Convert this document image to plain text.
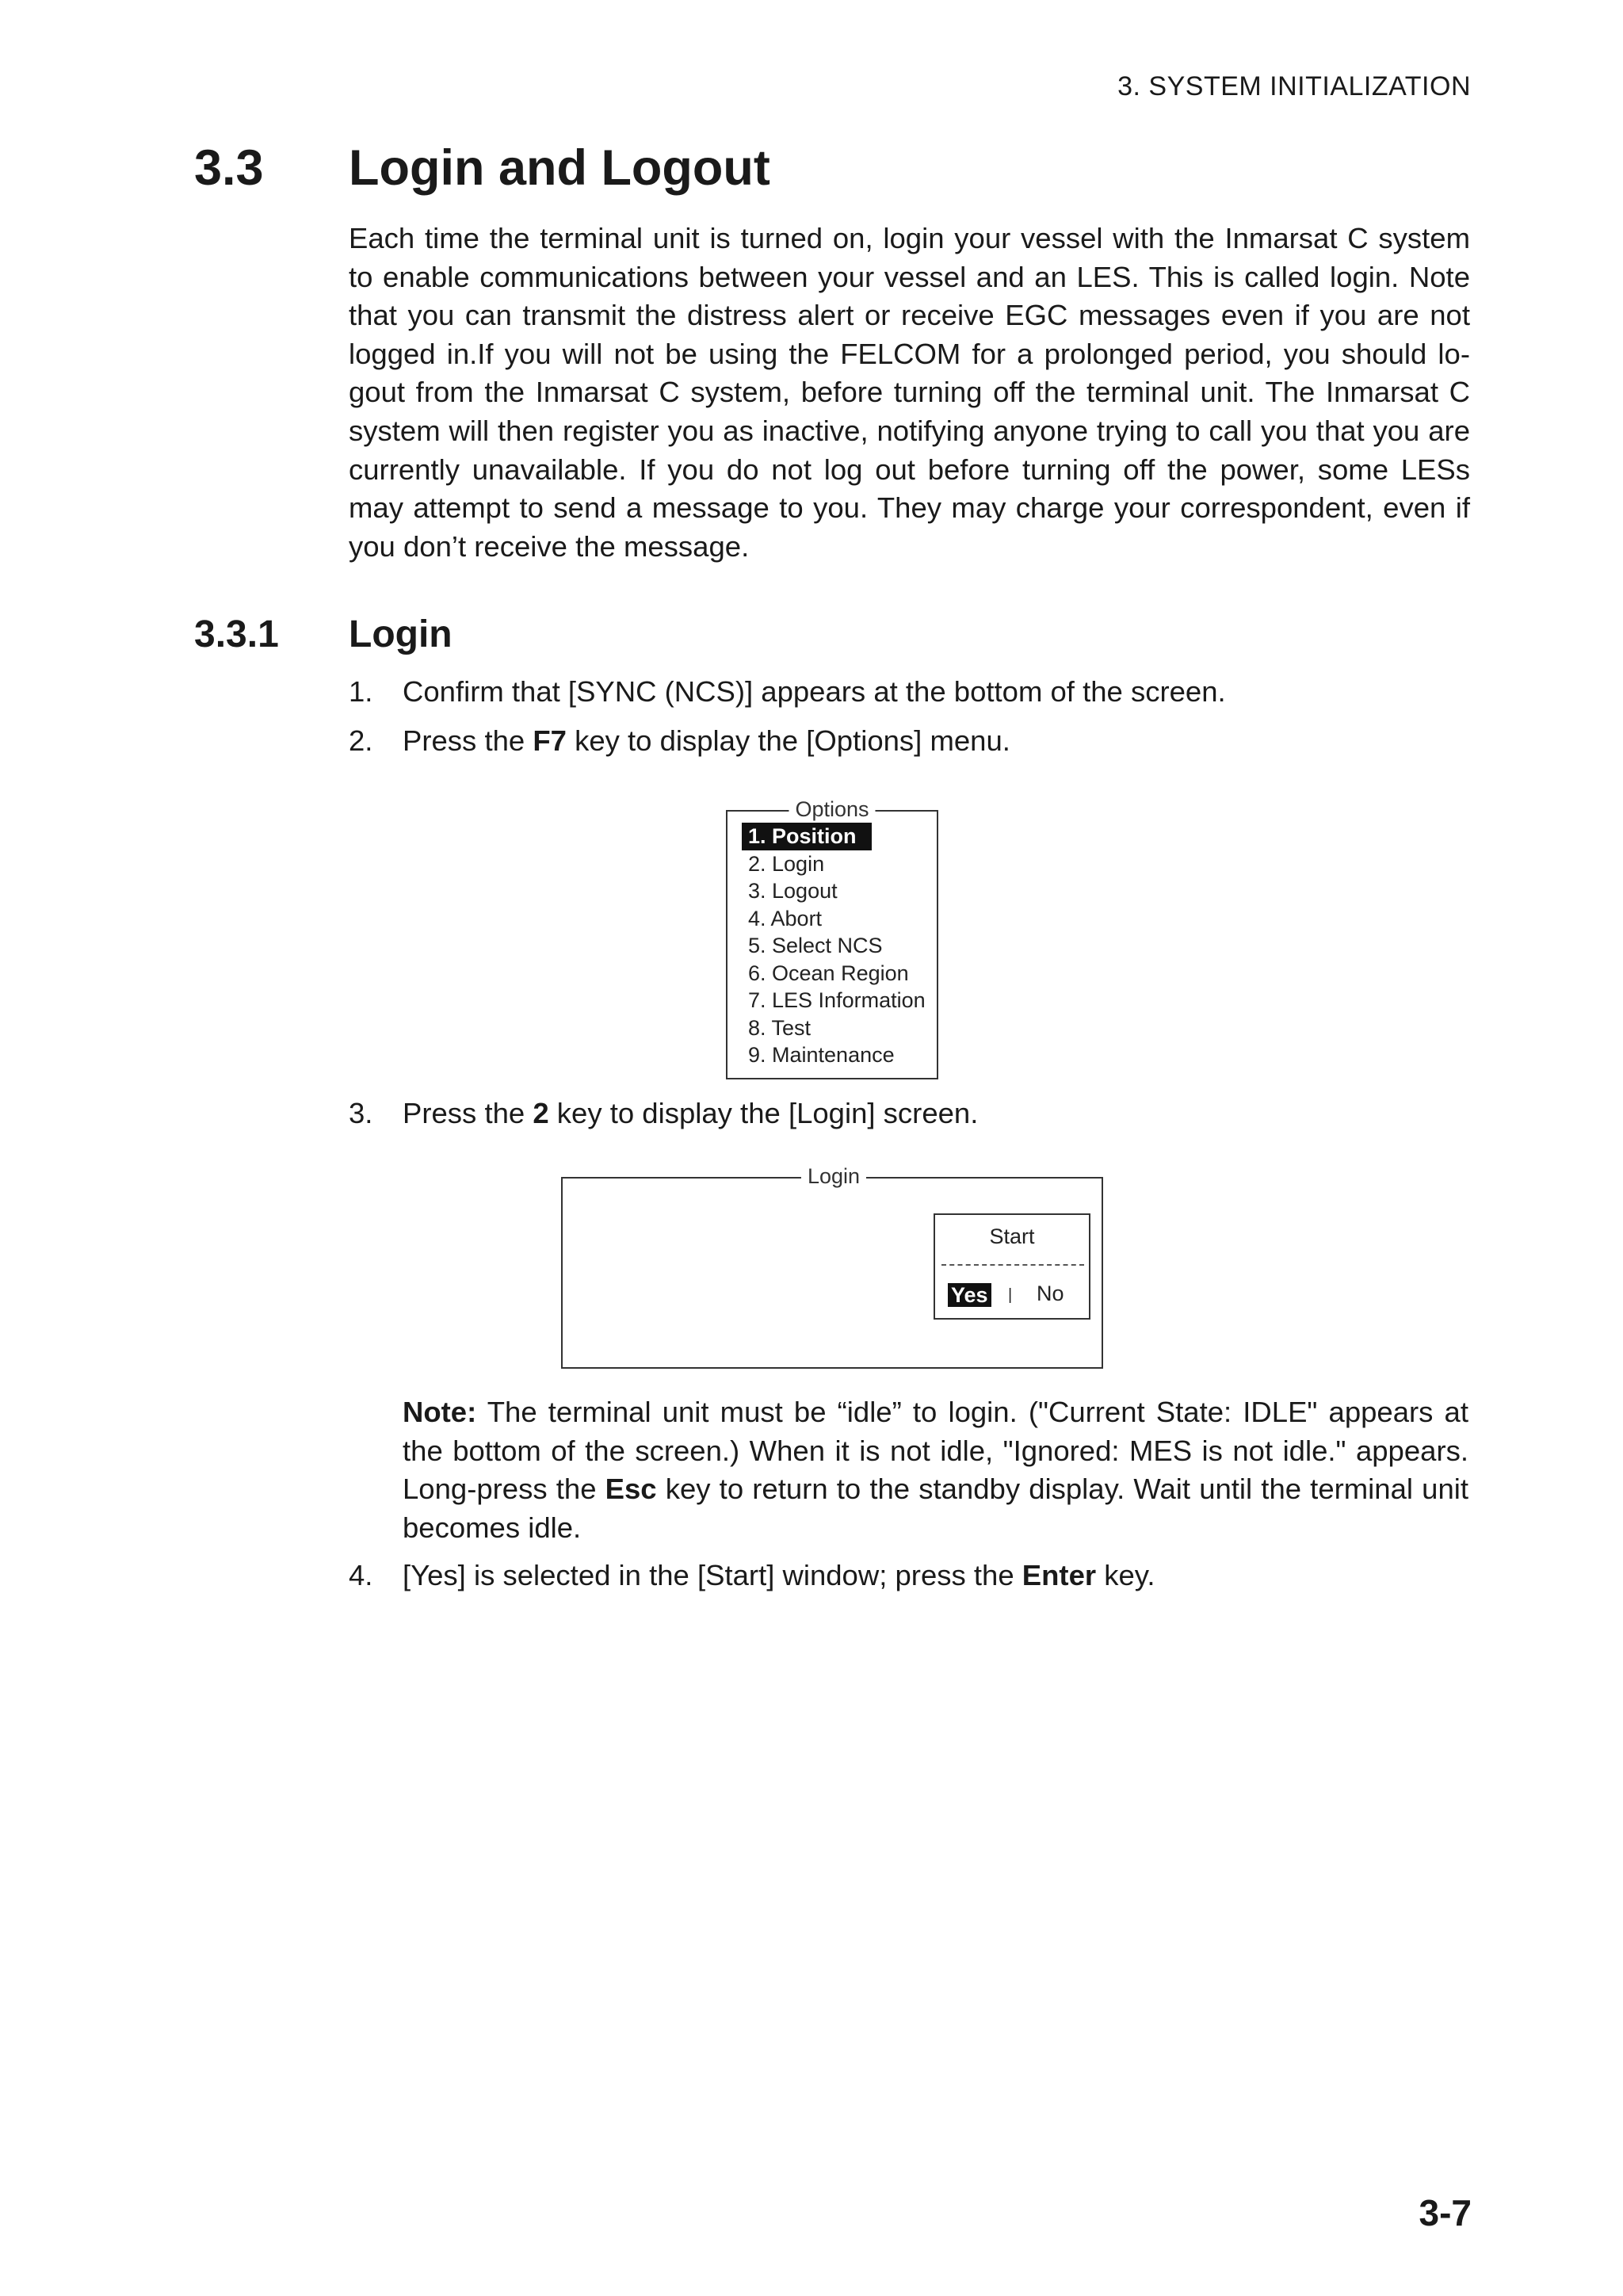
3. SYSTEM INITIALIZATION
3.3 Login and Logout
Each time the terminal unit is turned on, login your vessel with the Inmarsat C system to enable communications between your vessel and an LES. This is called login. Note that you can transmit the distress alert or receive EGC messages even if you are not logged in.If you will not be using the FELCOM for a prolonged period, you should lo-gout from the Inmarsat C system, before turning off the terminal unit. The Inmarsat C system will then register you as inactive, notifying anyone trying to call you that you are currently unavailable. If you do not log out before turning off the power, some LESs may attempt to send a message to you. They may charge your correspondent, even if you don’t receive the message.
3.3.1 Login
1. Confirm that [SYNC (NCS)] appears at the bottom of the screen.
2. Press the F7 key to display the [Options] menu.
Options
1. Position
2. Login
3. Logout
4. Abort
5. Select NCS
6. Ocean Region
7. LES Information
8. Test
9. Maintenance
3. Press the 2 key to display the [Login] screen.
Login
Start
Yes | No
Note: The terminal unit must be “idle” to login. ("Current State: IDLE" appears at the bottom of the screen.) When it is not idle, "Ignored: MES is not idle." appears. Long-press the Esc key to return to the standby display. Wait until the terminal unit becomes idle.
4. [Yes] is selected in the [Start] window; press the Enter key.
3-7
